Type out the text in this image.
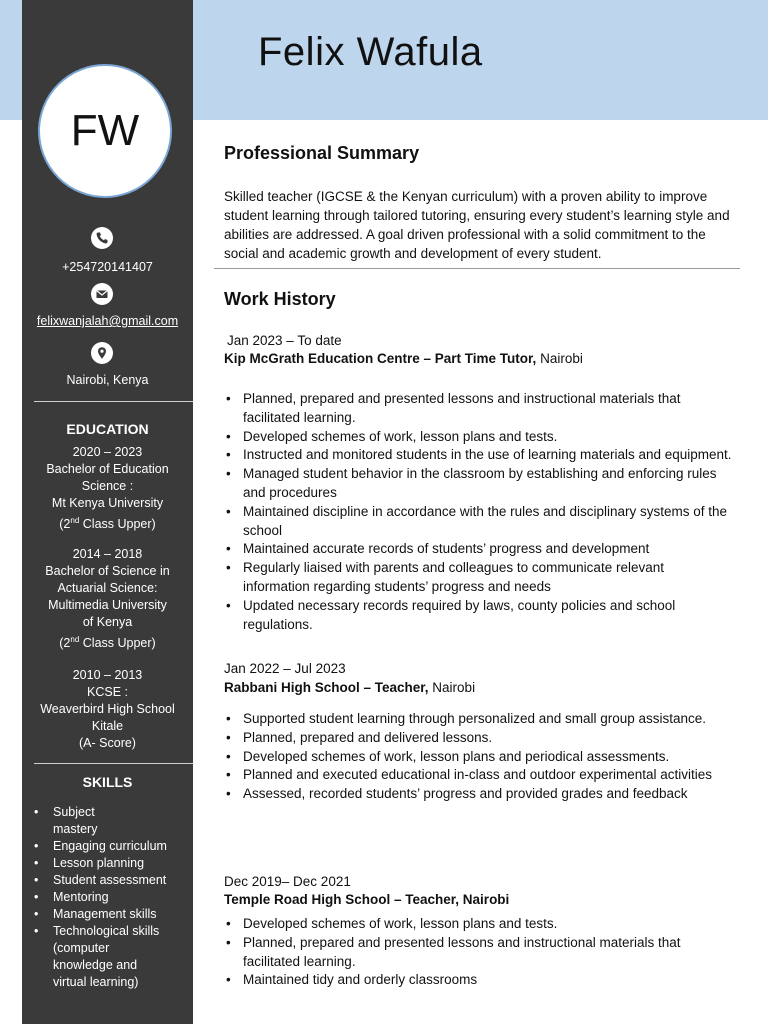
Felix Wafula
FW
+254720141407
felixwanjalah@gmail.com
Nairobi, Kenya
EDUCATION
2020 – 2023
Bachelor of Education
Science :
Mt Kenya University
(2nd Class Upper)
2014 – 2018
Bachelor of Science in
Actuarial Science:
Multimedia University
of Kenya
(2nd Class Upper)
2010 – 2013
KCSE :
Weaverbird High School
Kitale
(A- Score)
SKILLS
• Subject
mastery
• Engaging curriculum
• Lesson planning
• Student assessment
• Mentoring
• Management skills
• Technological skills
(computer
knowledge and
virtual learning)
Professional Summary
Skilled teacher (IGCSE & the Kenyan curriculum) with a proven ability to improve student learning through tailored tutoring, ensuring every student’s learning style and abilities are addressed. A goal driven professional with a solid commitment to the social and academic growth and development of every student.
Work History
Jan 2023 – To date
Kip McGrath Education Centre – Part Time Tutor, Nairobi
• Planned, prepared and presented lessons and instructional materials that facilitated learning.
• Developed schemes of work, lesson plans and tests.
• Instructed and monitored students in the use of learning materials and equipment.
• Managed student behavior in the classroom by establishing and enforcing rules and procedures
• Maintained discipline in accordance with the rules and disciplinary systems of the school
• Maintained accurate records of students’ progress and development
• Regularly liaised with parents and colleagues to communicate relevant information regarding students’ progress and needs
• Updated necessary records required by laws, county policies and school regulations.
Jan 2022 – Jul 2023
Rabbani High School – Teacher, Nairobi
• Supported student learning through personalized and small group assistance.
• Planned, prepared and delivered lessons.
• Developed schemes of work, lesson plans and periodical assessments.
• Planned and executed educational in-class and outdoor experimental activities
• Assessed, recorded students’ progress and provided grades and feedback
Dec 2019– Dec 2021
Temple Road High School – Teacher, Nairobi
• Developed schemes of work, lesson plans and tests.
• Planned, prepared and presented lessons and instructional materials that facilitated learning.
• Maintained tidy and orderly classrooms
